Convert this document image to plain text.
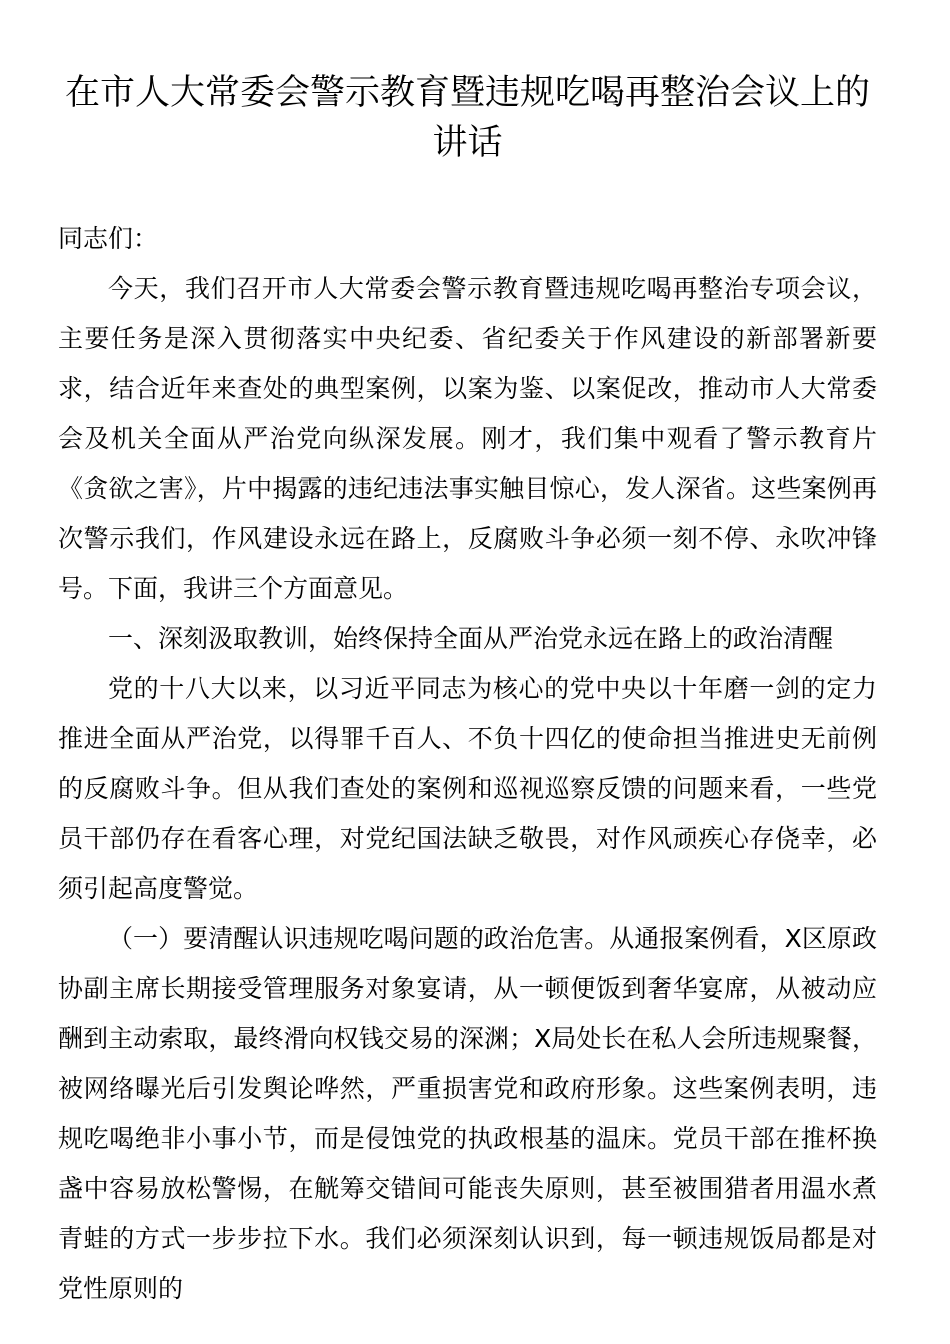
在市人大常委会警示教育暨违规吃喝再整治会议上的讲话

同志们：

今天，我们召开市人大常委会警示教育暨违规吃喝再整治专项会议，主要任务是深入贯彻落实中央纪委、省纪委关于作风建设的新部署新要求，结合近年来查处的典型案例，以案为鉴、以案促改，推动市人大常委会及机关全面从严治党向纵深发展。刚才，我们集中观看了警示教育片《贪欲之害》，片中揭露的违纪违法事实触目惊心，发人深省。这些案例再次警示我们，作风建设永远在路上，反腐败斗争必须一刻不停、永吹冲锋号。下面，我讲三个方面意见。

一、深刻汲取教训，始终保持全面从严治党永远在路上的政治清醒

党的十八大以来，以习近平同志为核心的党中央以十年磨一剑的定力推进全面从严治党，以得罪千百人、不负十四亿的使命担当推进史无前例的反腐败斗争。但从我们查处的案例和巡视巡察反馈的问题来看，一些党员干部仍存在看客心理，对党纪国法缺乏敬畏，对作风顽疾心存侥幸，必须引起高度警觉。

（一）要清醒认识违规吃喝问题的政治危害。从通报案例看，X区原政协副主席长期接受管理服务对象宴请，从一顿便饭到奢华宴席，从被动应酬到主动索取，最终滑向权钱交易的深渊；X局处长在私人会所违规聚餐，被网络曝光后引发舆论哗然，严重损害党和政府形象。这些案例表明，违规吃喝绝非小事小节，而是侵蚀党的执政根基的温床。党员干部在推杯换盏中容易放松警惕，在觥筹交错间可能丧失原则，甚至被围猎者用温水煮青蛙的方式一步步拉下水。我们必须深刻认识到，每一顿违规饭局都是对党性原则的
